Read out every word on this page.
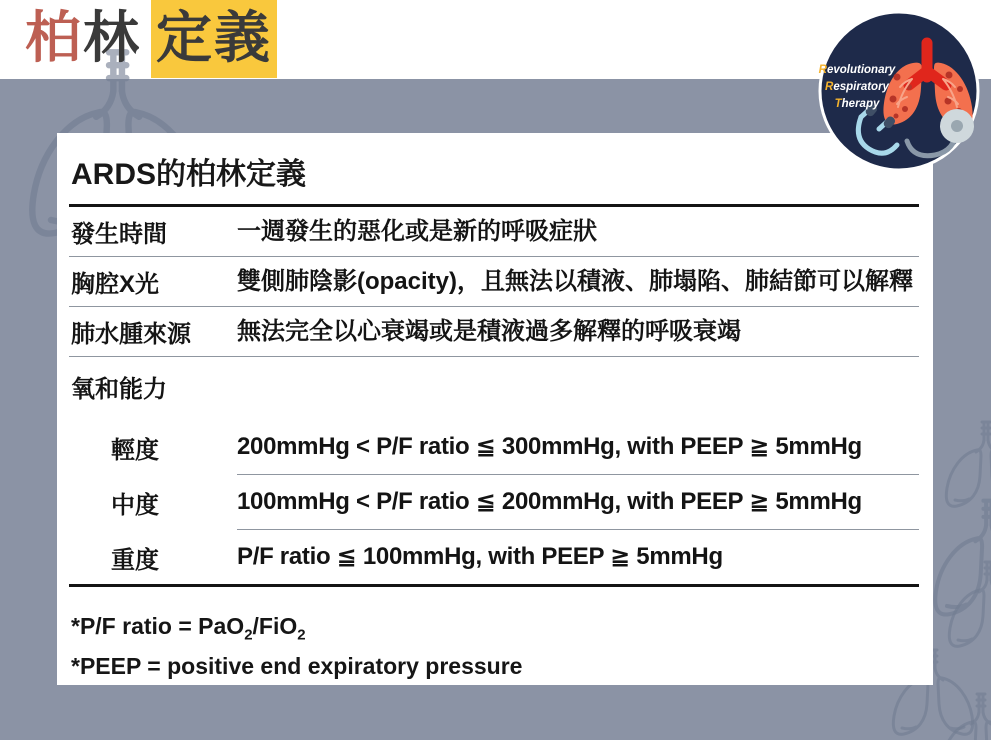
柏 林 定義
Revolutionary
Respiratory
Therapy
ARDS的柏林定義
發生時間	一週發生的惡化或是新的呼吸症狀
胸腔X光	雙側肺陰影(opacity)，且無法以積液、肺塌陷、肺結節可以解釋
肺水腫來源	無法完全以心衰竭或是積液過多解釋的呼吸衰竭
氧和能力
輕度	200mmHg < P/F ratio ≦ 300mmHg, with PEEP ≧ 5mmHg
中度	100mmHg < P/F ratio ≦ 200mmHg, with PEEP ≧ 5mmHg
重度	P/F ratio ≦ 100mmHg, with PEEP ≧ 5mmHg
*P/F ratio = PaO$_2$/FiO$_2$
*PEEP = positive end expiratory pressure
